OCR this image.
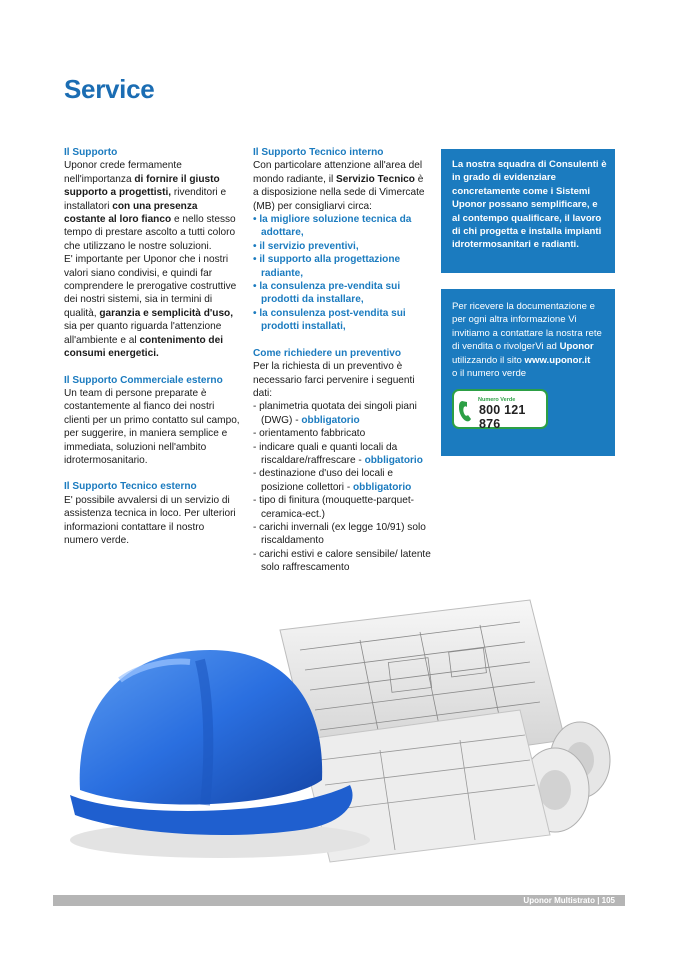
Service
Il Supporto

Uponor crede fermamente nell'importanza di fornire il giusto supporto a progettisti, rivenditori e installatori con una presenza costante al loro fianco e nello stesso tempo di prestare ascolto a tutti coloro che utilizzano le nostre soluzioni.

E' importante per Uponor che i nostri valori siano condivisi, e quindi far comprendere le prerogative costruttive dei nostri sistemi, sia in termini di qualità, garanzia e semplicità d'uso, sia per quanto riguarda l'attenzione all'ambiente e al contenimento dei consumi energetici.

Il Supporto Commerciale esterno

Un team di persone preparate è costantemente al fianco dei nostri clienti per un primo contatto sul campo, per suggerire, in maniera semplice e immediata, soluzioni nell'ambito idrotermosanitario.

Il Supporto Tecnico esterno

E' possibile avvalersi di un servizio di assistenza tecnica in loco. Per ulteriori informazioni contattare il nostro numero verde.

Il Supporto Tecnico interno

Con particolare attenzione all'area del mondo radiante, il Servizio Tecnico è a disposizione nella sede di Vimercate (MB) per consigliarvi circa:

• la migliore soluzione tecnica da adottare,
• il servizio preventivi,
• il supporto alla progettazione radiante,
• la consulenza pre-vendita sui prodotti da installare,
• la consulenza post-vendita sui prodotti installati,
Come richiedere un preventivo

Per la richiesta di un preventivo è necessario farci pervenire i seguenti dati:

- planimetria quotata dei singoli piani (DWG) - obbligatorio
- orientamento fabbricato
- indicare quali e quanti locali da riscaldare/raffrescare - obbligatorio
- destinazione d'uso dei locali e posizione collettori - obbligatorio
- tipo di finitura (mouquette-parquet-ceramica-ect.)
- carichi invernali (ex legge 10/91) solo riscaldamento
- carichi estivi e calore sensibile/ latente solo raffrescamento

La nostra squadra di Consulenti è in grado di evidenziare concretamente come i Sistemi Uponor possano semplificare, e al contempo qualificare, il lavoro di chi progetta e installa impianti idrotermosanitari e radianti.

Per ricevere la documentazione e per ogni altra informazione Vi invitiamo a contattare la nostra rete di vendita o rivolgerVi ad Uponor utilizzando il sito www.uponor.it

o il numero verde

Numero Verde
800 121 876
Uponor Multistrato | 105
